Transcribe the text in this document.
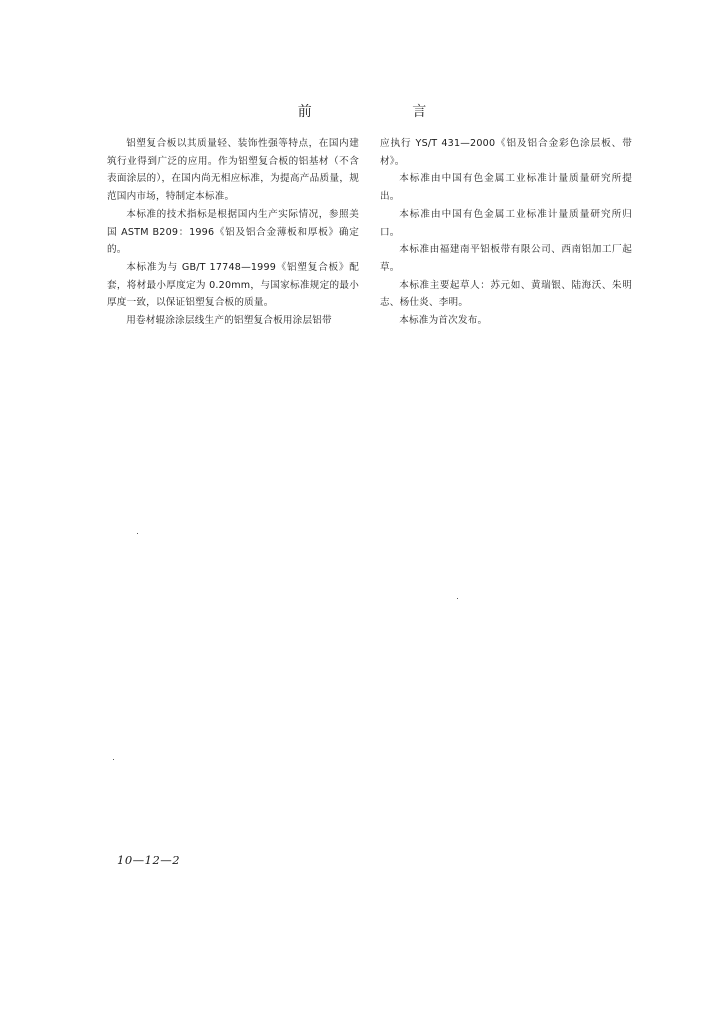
前 言

铝塑复合板以其质量轻、装饰性强等特点，在国内建筑行业得到广泛的应用。作为铝塑复合板的铝基材（不含表面涂层的），在国内尚无相应标准，为提高产品质量，规范国内市场，特制定本标准。

本标准的技术指标是根据国内生产实际情况，参照美国 ASTM B209：1996《铝及铝合金薄板和厚板》确定的。

本标准为与 GB/T 17748—1999《铝塑复合板》配套，将材最小厚度定为 0.20mm，与国家标准规定的最小厚度一致，以保证铝塑复合板的质量。

用卷材辊涂涂层线生产的铝塑复合板用涂层铝带

应执行 YS/T 431—2000《铝及铝合金彩色涂层板、带材》。

本标准由中国有色金属工业标准计量质量研究所提出。

本标准由中国有色金属工业标准计量质量研究所归口。

本标准由福建南平铝板带有限公司、西南铝加工厂起草。

本标准主要起草人：苏元如、黄瑞银、陆海沃、朱明志、杨仕炎、李明。

本标准为首次发布。

10—12—2
